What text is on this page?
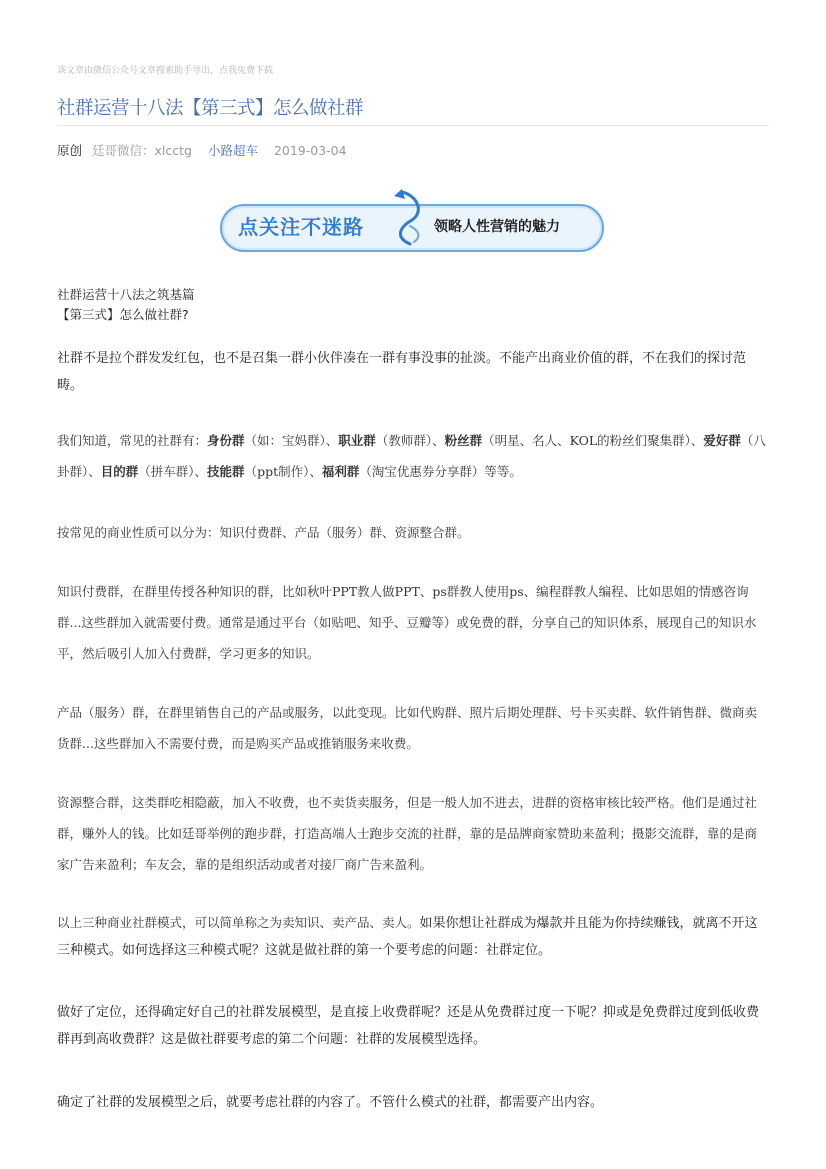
该文章由微信公众号文章搜索助手导出，点我免费下载
社群运营十八法【第三式】怎么做社群
原创 廷哥微信：xlcctg 小路超车 2019-03-04
点关注不迷路	领略人性营销的魅力
社群运营十八法之筑基篇
【第三式】怎么做社群?
社群不是拉个群发发红包，也不是召集一群小伙伴凑在一群有事没事的扯淡。不能产出商业价值的群，不在我们的探讨范畴。
我们知道，常见的社群有：身份群（如：宝妈群）、职业群（教师群）、粉丝群（明星、名人、KOL的粉丝们聚集群）、爱好群（八卦群）、目的群（拼车群）、技能群（ppt制作）、福利群（淘宝优惠券分享群）等等。
按常见的商业性质可以分为：知识付费群、产品（服务）群、资源整合群。
知识付费群，在群里传授各种知识的群，比如秋叶PPT教人做PPT、ps群教人使用ps、编程群教人编程、比如思姐的情感咨询群...这些群加入就需要付费。通常是通过平台（如贴吧、知乎、豆瓣等）或免费的群，分享自己的知识体系，展现自己的知识水平，然后吸引人加入付费群，学习更多的知识。
产品（服务）群，在群里销售自己的产品或服务，以此变现。比如代购群、照片后期处理群、号卡买卖群、软件销售群、微商卖货群...这些群加入不需要付费，而是购买产品或推销服务来收费。
资源整合群，这类群吃相隐蔽，加入不收费，也不卖货卖服务，但是一般人加不进去，进群的资格审核比较严格。他们是通过社群，赚外人的钱。比如廷哥举例的跑步群，打造高端人士跑步交流的社群，靠的是品牌商家赞助来盈利；摄影交流群，靠的是商家广告来盈利；车友会，靠的是组织活动或者对接厂商广告来盈利。
以上三种商业社群模式，可以简单称之为卖知识、卖产品、卖人。如果你想让社群成为爆款并且能为你持续赚钱，就离不开这三种模式。如何选择这三种模式呢？这就是做社群的第一个要考虑的问题：社群定位。
做好了定位，还得确定好自己的社群发展模型，是直接上收费群呢？还是从免费群过度一下呢？抑或是免费群过度到低收费群再到高收费群？这是做社群要考虑的第二个问题：社群的发展模型选择。
确定了社群的发展模型之后，就要考虑社群的内容了。不管什么模式的社群，都需要产出内容。
